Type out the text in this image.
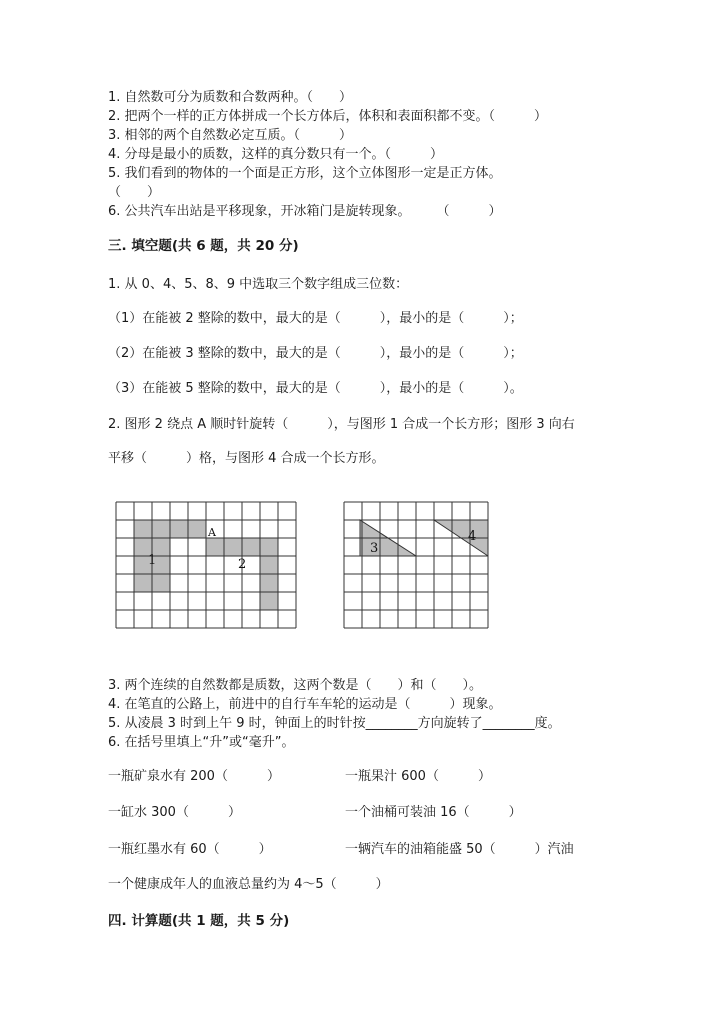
1. 自然数可分为质数和合数两种。（　　）
2. 把两个一样的正方体拼成一个长方体后，体积和表面积都不变。（　　　）
3. 相邻的两个自然数必定互质。（　　　）
4. 分母是最小的质数，这样的真分数只有一个。（　　　）
5. 我们看到的物体的一个面是正方形，这个立体图形一定是正方体。
（　　）
6. 公共汽车出站是平移现象，开冰箱门是旋转现象。　　　（　　　）
三. 填空题(共 6 题，共 20 分)
1. 从 0、4、5、8、9 中选取三个数字组成三位数：
（1）在能被 2 整除的数中，最大的是（　　　），最小的是（　　　）；
（2）在能被 3 整除的数中，最大的是（　　　），最小的是（　　　）；
（3）在能被 5 整除的数中，最大的是（　　　），最小的是（　　　）。
2. 图形 2 绕点 A 顺时针旋转（　　　），与图形 1 合成一个长方形；图形 3 向右
平移（　　　）格，与图形 4 合成一个长方形。
1	2
A
3
4
3. 两个连续的自然数都是质数，这两个数是（　　）和（　　）。
4. 在笔直的公路上，前进中的自行车车轮的运动是（　　　）现象。
5. 从凌晨 3 时到上午 9 时，钟面上的时针按________方向旋转了________度。
6. 在括号里填上“升”或“毫升”。
一瓶矿泉水有 200（　　　）	一瓶果汁 600（　　　）
一缸水 300（　　　）	一个油桶可装油 16（　　　）
一瓶红墨水有 60（　　　）	一辆汽车的油箱能盛 50（　　　）汽油
一个健康成年人的血液总量约为 4～5（　　　）
四. 计算题(共 1 题，共 5 分)
